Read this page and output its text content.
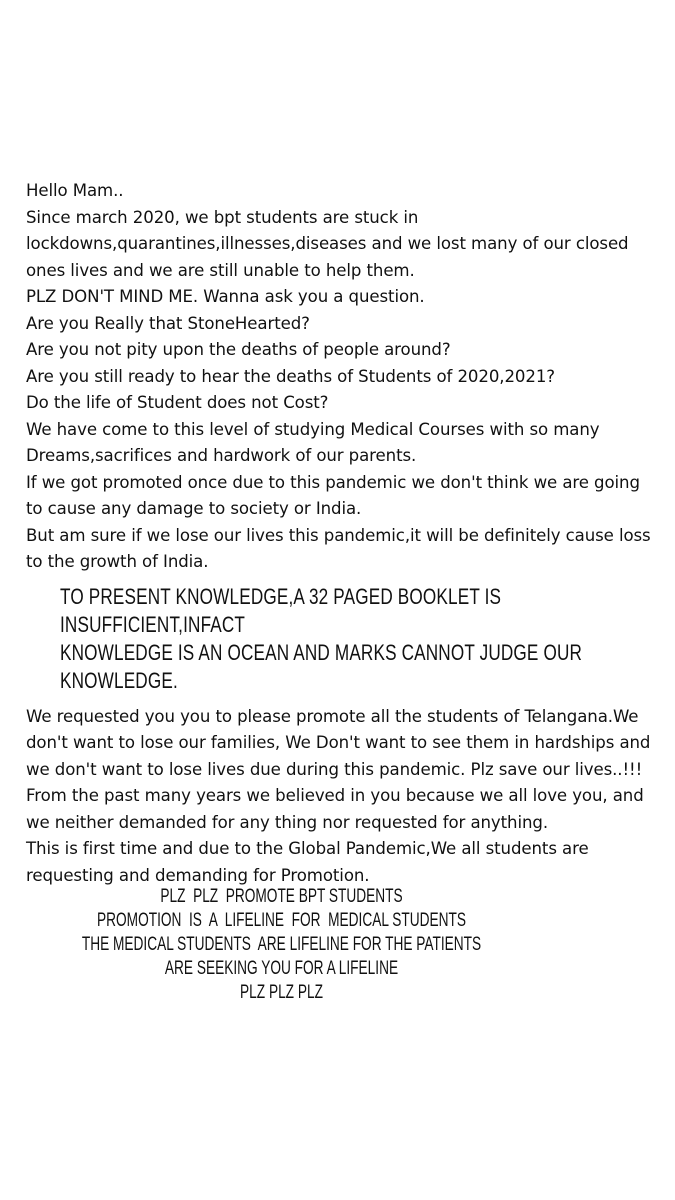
Hello Mam..

Since march 2020, we bpt students are stuck in lockdowns,quarantines,illnesses,diseases and we lost many of our closed ones lives and we are still unable to help them.

PLZ DON'T MIND ME. Wanna ask you a question.

Are you Really that StoneHearted?

Are you not pity upon the deaths of people around?

Are you still ready to hear the deaths of Students of 2020,2021?

Do the life of Student does not Cost?

We have come to this level of studying Medical Courses with so many Dreams,sacrifices and hardwork of our parents.

If we got promoted once due to this pandemic we don't think we are going to cause any damage to society or India.

But am sure if we lose our lives this pandemic,it will be definitely cause loss to the growth of India.

TO PRESENT KNOWLEDGE,A 32 PAGED BOOKLET IS INSUFFICIENT,INFACT
KNOWLEDGE IS AN OCEAN AND MARKS CANNOT JUDGE OUR KNOWLEDGE.

We requested you you to please promote all the students of Telangana.We don't want to lose our families, We Don't want to see them in hardships and we don't want to lose lives due during this pandemic. Plz save our lives..!!!

From the past many years we believed in you because we all love you, and we neither demanded for any thing nor requested for anything.

This is first time and due to the Global Pandemic,We all students are requesting and demanding for Promotion.

PLZ  PLZ  PROMOTE BPT STUDENTS
PROMOTION  IS  A  LIFELINE  FOR  MEDICAL STUDENTS
THE MEDICAL STUDENTS  ARE LIFELINE FOR THE PATIENTS
ARE SEEKING YOU FOR A LIFELINE
PLZ PLZ PLZ
